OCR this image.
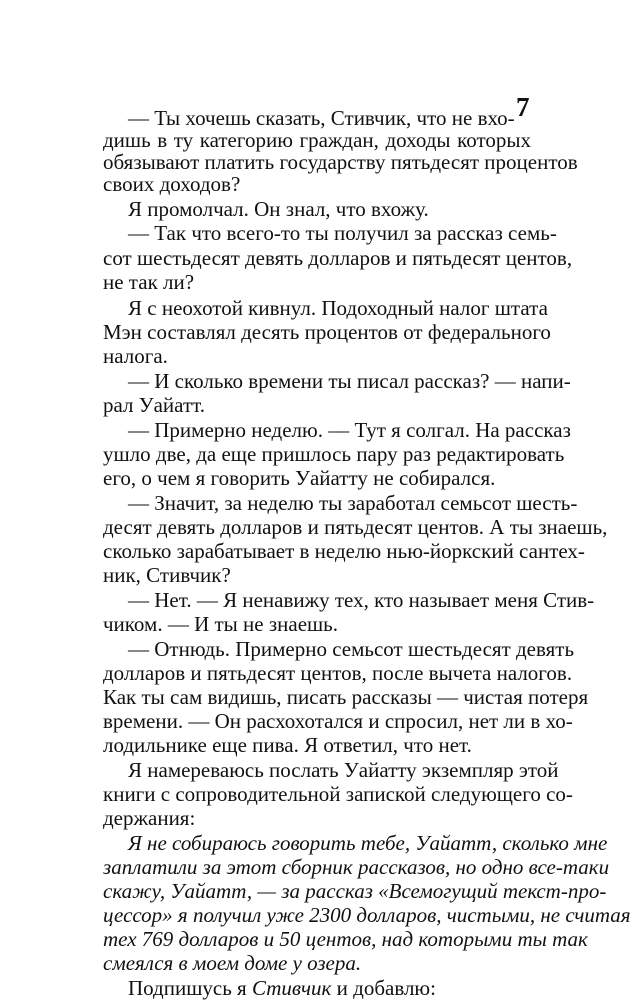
7
— Ты хочешь сказать, Стивчик, что не вхо-
дишь в ту категорию граждан, доходы которых
обязывают платить государству пятьдесят процентов
своих доходов?
Я промолчал. Он знал, что вхожу.
— Так что всего-то ты получил за рассказ семь-
сот шестьдесят девять долларов и пятьдесят центов,
не так ли?
Я с неохотой кивнул. Подоходный налог штата
Мэн составлял десять процентов от федерального
налога.
— И сколько времени ты писал рассказ? — напи-
рал Уайатт.
— Примерно неделю. — Тут я солгал. На рассказ
ушло две, да еще пришлось пару раз редактировать
его, о чем я говорить Уайатту не собирался.
— Значит, за неделю ты заработал семьсот шесть-
десят девять долларов и пятьдесят центов. А ты знаешь,
сколько зарабатывает в неделю нью-йоркский сантех-
ник, Стивчик?
— Нет. — Я ненавижу тех, кто называет меня Стив-
чиком. — И ты не знаешь.
— Отнюдь. Примерно семьсот шестьдесят девять
долларов и пятьдесят центов, после вычета налогов.
Как ты сам видишь, писать рассказы — чистая потеря
времени. — Он расхохотался и спросил, нет ли в хо-
лодильнике еще пива. Я ответил, что нет.
Я намереваюсь послать Уайатту экземпляр этой
книги с сопроводительной запиской следующего со-
держания:
Я не собираюсь говорить тебе, Уайатт, сколько мне
заплатили за этот сборник рассказов, но одно все-таки
скажу, Уайатт, — за рассказ «Всемогущий текст-про-
цессор» я получил уже 2300 долларов, чистыми, не считая
тех 769 долларов и 50 центов, над которыми ты так
смеялся в моем доме у озера.
Подпишусь я Стивчик и добавлю:
